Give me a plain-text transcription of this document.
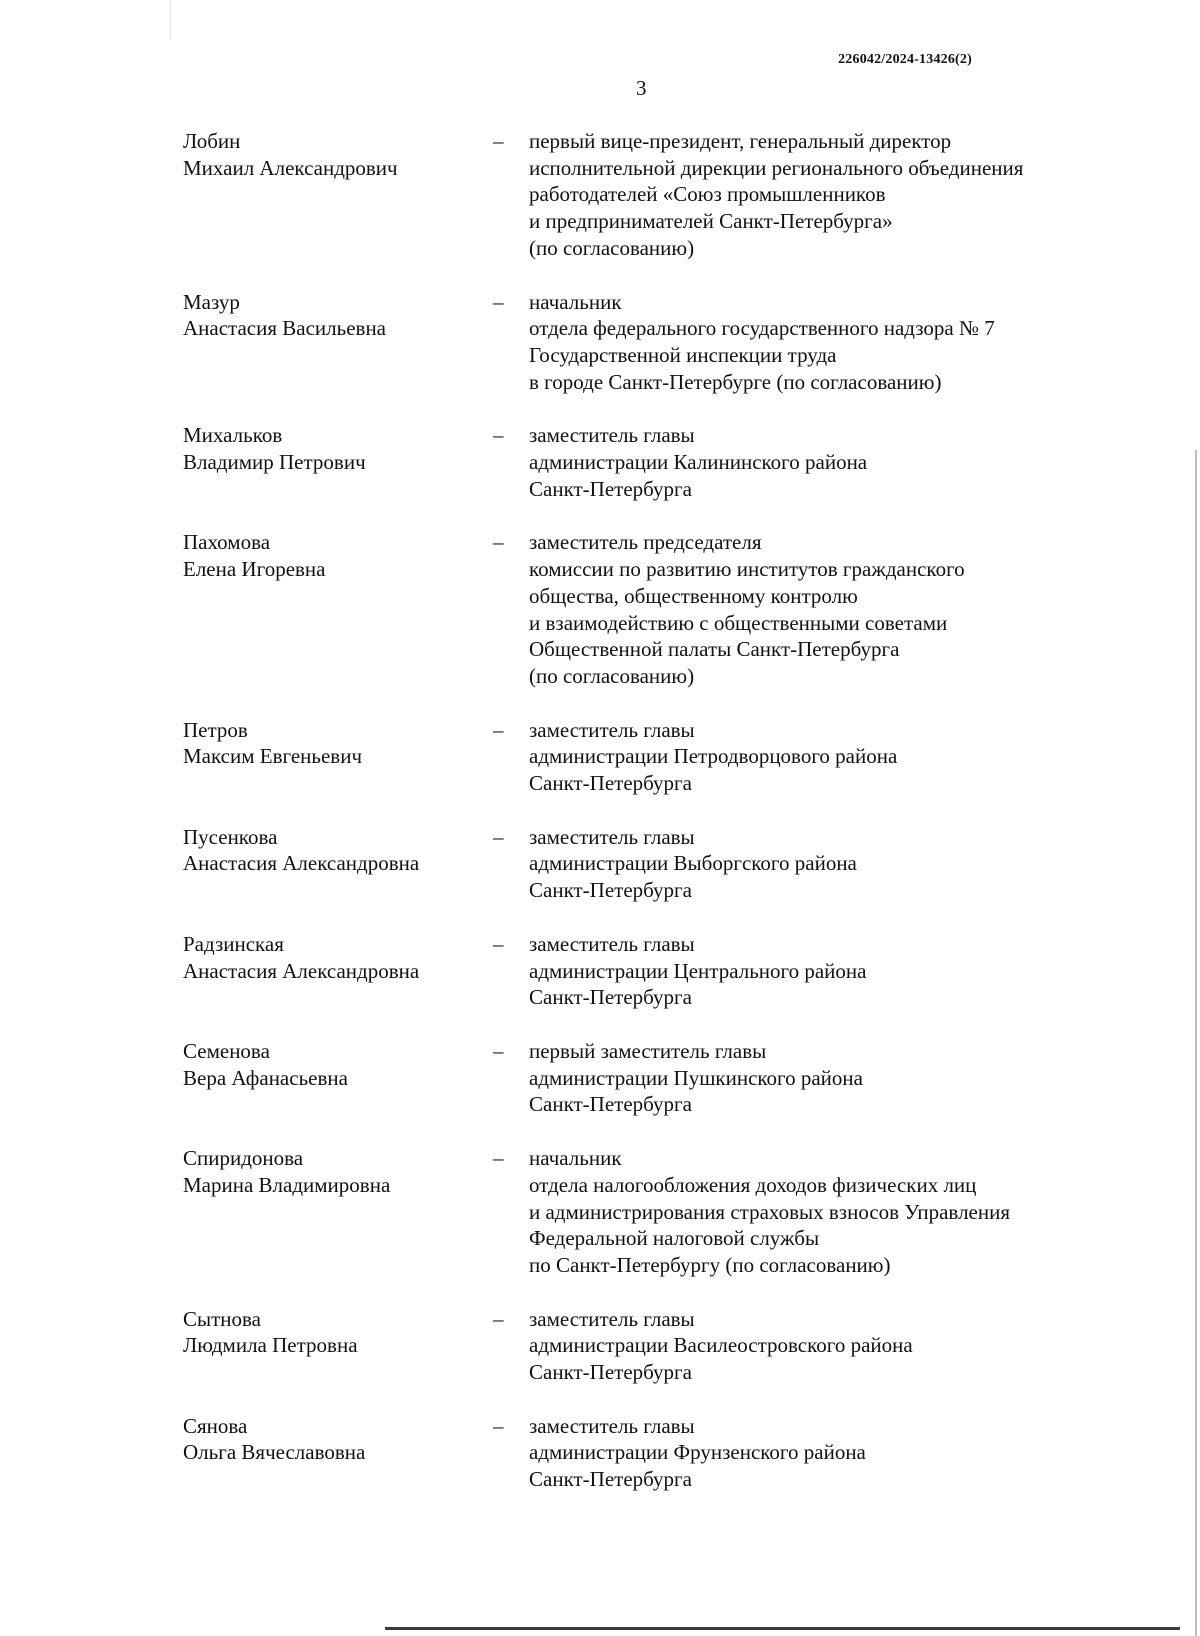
226042/2024-13426(2)
3
Лобин
Михаил Александрович
–	первый вице-президент, генеральный директор
исполнительной дирекции регионального объединения
работодателей «Союз промышленников
и предпринимателей Санкт-Петербурга»
(по согласованию)
Мазур
Анастасия Васильевна
–	начальник
отдела федерального государственного надзора № 7
Государственной инспекции труда
в городе Санкт-Петербурге (по согласованию)
Михальков
Владимир Петрович
–	заместитель главы
администрации Калининского района
Санкт-Петербурга
Пахомова
Елена Игоревна
–	заместитель председателя
комиссии по развитию институтов гражданского
общества, общественному контролю
и взаимодействию с общественными советами
Общественной палаты Санкт-Петербурга
(по согласованию)
Петров
Максим Евгеньевич
–	заместитель главы
администрации Петродворцового района
Санкт-Петербурга
Пусенкова
Анастасия Александровна
–	заместитель главы
администрации Выборгского района
Санкт-Петербурга
Радзинская
Анастасия Александровна
–	заместитель главы
администрации Центрального района
Санкт-Петербурга
Семенова
Вера Афанасьевна
–	первый заместитель главы
администрации Пушкинского района
Санкт-Петербурга
Спиридонова
Марина Владимировна
–	начальник
отдела налогообложения доходов физических лиц
и администрирования страховых взносов Управления
Федеральной налоговой службы
по Санкт-Петербургу (по согласованию)
Сытнова
Людмила Петровна
–	заместитель главы
администрации Василеостровского района
Санкт-Петербурга
Сянова
Ольга Вячеславовна
–	заместитель главы
администрации Фрунзенского района
Санкт-Петербурга
